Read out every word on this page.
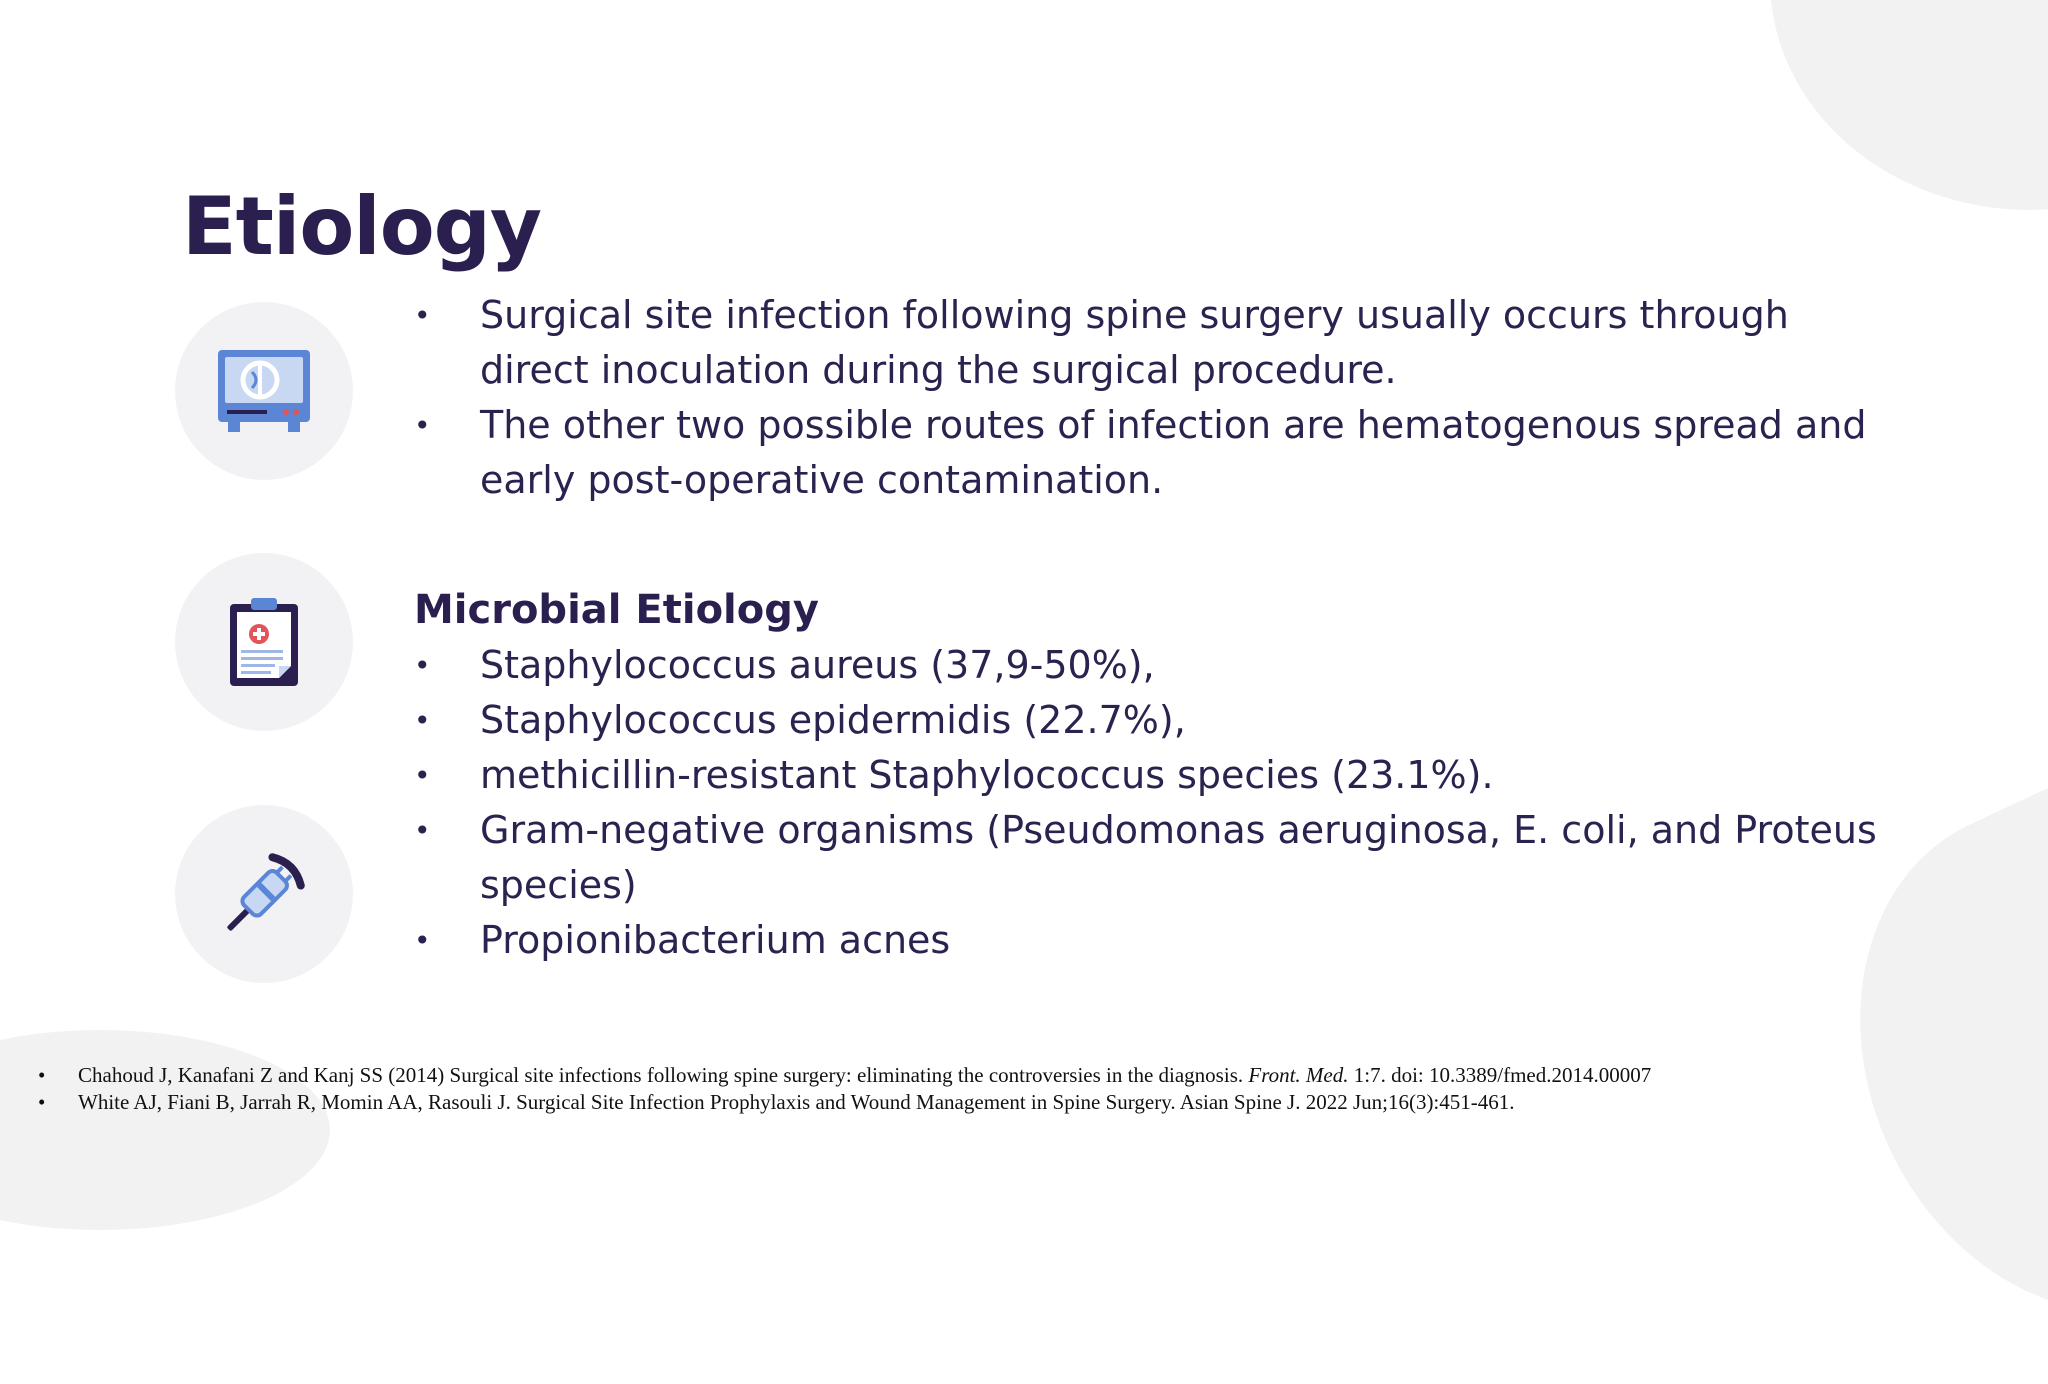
Etiology
• Surgical site infection following spine surgery usually occurs through direct inoculation during the surgical procedure.
• The other two possible routes of infection are hematogenous spread and early post-operative contamination.
Microbial Etiology
• Staphylococcus aureus (37,9-50%),
• Staphylococcus epidermidis (22.7%),
• methicillin-resistant Staphylococcus species (23.1%).
• Gram-negative organisms (Pseudomonas aeruginosa, E. coli, and Proteus species)
• Propionibacterium acnes
• Chahoud J, Kanafani Z and Kanj SS (2014) Surgical site infections following spine surgery: eliminating the controversies in the diagnosis. Front. Med. 1:7. doi: 10.3389/fmed.2014.00007
• White AJ, Fiani B, Jarrah R, Momin AA, Rasouli J. Surgical Site Infection Prophylaxis and Wound Management in Spine Surgery. Asian Spine J. 2022 Jun;16(3):451-461.
